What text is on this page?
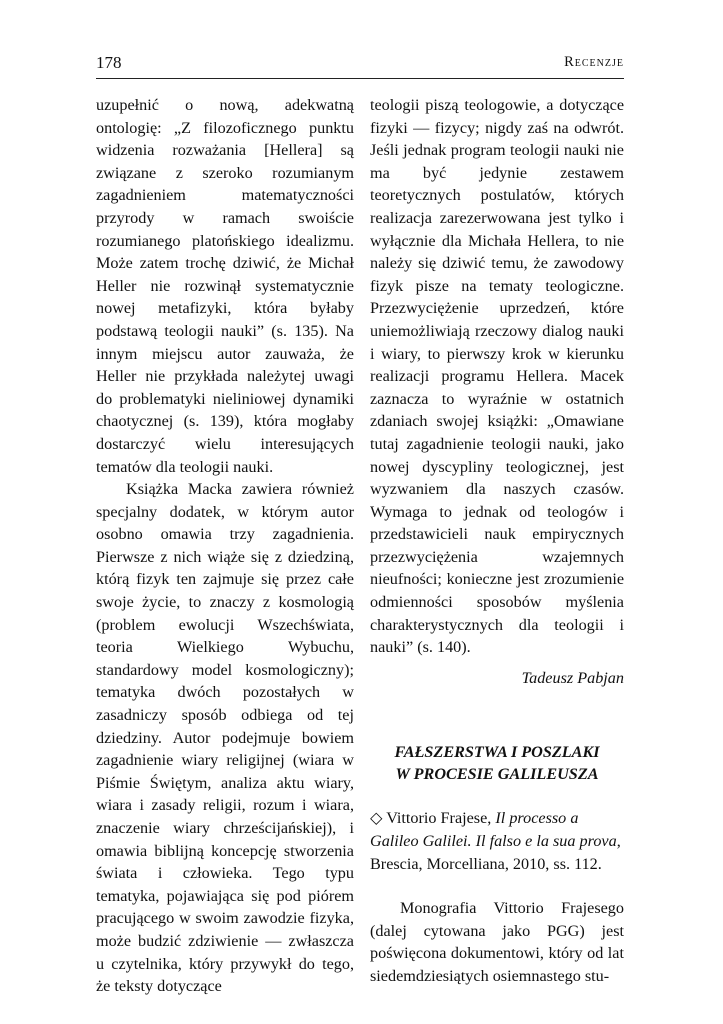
178	Recenzje

uzupełnić o nową, adekwatną ontologię: „Z filozoficznego punktu widzenia rozważania [Hellera] są związane z szeroko rozumianym zagadnieniem matematyczności przyrody w ramach swoiście rozumianego platońskiego idealizmu. Może zatem trochę dziwić, że Michał Heller nie rozwinął systematycznie nowej metafizyki, która byłaby podstawą teologii nauki” (s. 135). Na innym miejscu autor zauważa, że Heller nie przykłada należytej uwagi do problematyki nieliniowej dynamiki chaotycznej (s. 139), która mogłaby dostarczyć wielu interesujących tematów dla teologii nauki.

Książka Macka zawiera również specjalny dodatek, w którym autor osobno omawia trzy zagadnienia. Pierwsze z nich wiąże się z dziedziną, którą fizyk ten zajmuje się przez całe swoje życie, to znaczy z kosmologią (problem ewolucji Wszechświata, teoria Wielkiego Wybuchu, standardowy model kosmologiczny); tematyka dwóch pozostałych w zasadniczy sposób odbiega od tej dziedziny. Autor podejmuje bowiem zagadnienie wiary religijnej (wiara w Piśmie Świętym, analiza aktu wiary, wiara i zasady religii, rozum i wiara, znaczenie wiary chrześcijańskiej), i omawia biblijną koncepcję stworzenia świata i człowieka. Tego typu tematyka, pojawiająca się pod piórem pracującego w swoim zawodzie fizyka, może budzić zdziwienie — zwłaszcza u czytelnika, który przywykł do tego, że teksty dotyczące

teologii piszą teologowie, a dotyczące fizyki — fizycy; nigdy zaś na odwrót. Jeśli jednak program teologii nauki nie ma być jedynie zestawem teoretycznych postulatów, których realizacja zarezerwowana jest tylko i wyłącznie dla Michała Hellera, to nie należy się dziwić temu, że zawodowy fizyk pisze na tematy teologiczne. Przezwyciężenie uprzedzeń, które uniemożliwiają rzeczowy dialog nauki i wiary, to pierwszy krok w kierunku realizacji programu Hellera. Macek zaznacza to wyraźnie w ostatnich zdaniach swojej książki: „Omawiane tutaj zagadnienie teologii nauki, jako nowej dyscypliny teologicznej, jest wyzwaniem dla naszych czasów. Wymaga to jednak od teologów i przedstawicieli nauk empirycznych przezwyciężenia wzajemnych nieufności; konieczne jest zrozumienie odmienności sposobów myślenia charakterystycznych dla teologii i nauki” (s. 140).

Tadeusz Pabjan

FAŁSZERSTWA I POSZLAKI
W PROCESIE GALILEUSZA

◇ Vittorio Frajese, Il processo a Galileo Galilei. Il falso e la sua prova, Brescia, Morcelliana, 2010, ss. 112.

Monografia Vittorio Frajesego (dalej cytowana jako PGG) jest poświęcona dokumentowi, który od lat siedemdziesiątych osiemnastego stu-
